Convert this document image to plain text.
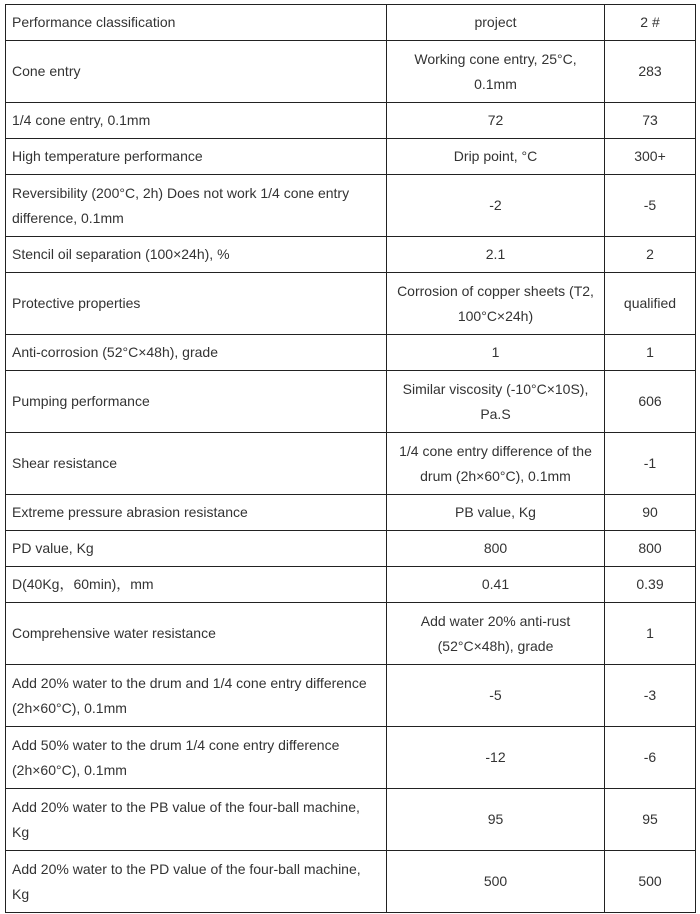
Performance classification	project	2 #
Cone entry	Working cone entry, 25°C, 0.1mm	283
1/4 cone entry, 0.1mm	72	73
High temperature performance	Drip point, °C	300+
Reversibility (200°C, 2h) Does not work 1/4 cone entry difference, 0.1mm	-2	-5
Stencil oil separation (100×24h), %	2.1	2
Protective properties	Corrosion of copper sheets (T2, 100°C×24h)	qualified
Anti-corrosion (52°C×48h), grade	1	1
Pumping performance	Similar viscosity (-10°C×10S), Pa.S	606
Shear resistance	1/4 cone entry difference of the drum (2h×60°C), 0.1mm	-1
Extreme pressure abrasion resistance	PB value, Kg	90
PD value, Kg	800	800
D(40Kg，60min)，mm	0.41	0.39
Comprehensive water resistance	Add water 20% anti-rust (52°C×48h), grade	1
Add 20% water to the drum and 1/4 cone entry difference (2h×60°C), 0.1mm	-5	-3
Add 50% water to the drum 1/4 cone entry difference (2h×60°C), 0.1mm	-12	-6
Add 20% water to the PB value of the four-ball machine, Kg	95	95
Add 20% water to the PD value of the four-ball machine, Kg	500	500
